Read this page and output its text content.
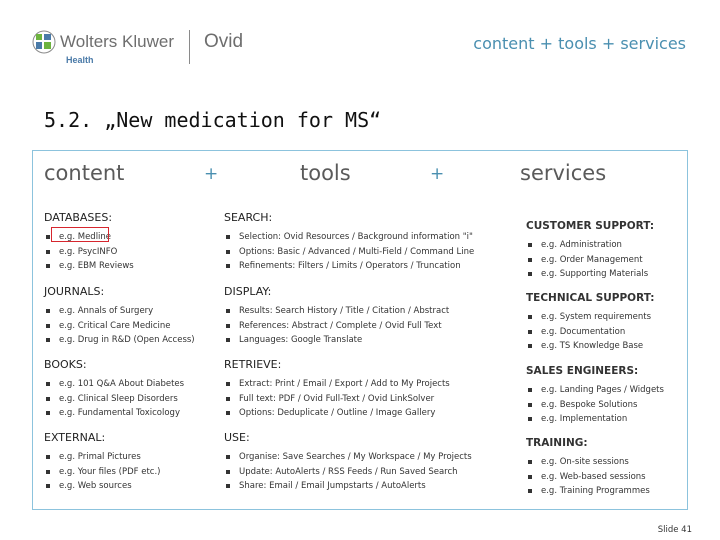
Wolters Kluwer
Health
Ovid	content + tools + services
5.2. „New medication for MS“
content	+	tools	+	services
DATABASES:
e.g. Medline
e.g. PsycINFO
e.g. EBM Reviews
JOURNALS:
e.g. Annals of Surgery
e.g. Critical Care Medicine
e.g. Drug in R&D (Open Access)
BOOKS:
e.g. 101 Q&A About Diabetes
e.g. Clinical Sleep Disorders
e.g. Fundamental Toxicology
EXTERNAL:
e.g. Primal Pictures
e.g. Your files (PDF etc.)
e.g. Web sources
SEARCH:
Selection: Ovid Resources / Background information "i"
Options: Basic / Advanced / Multi-Field / Command Line
Refinements: Filters / Limits / Operators / Truncation
DISPLAY:
Results: Search History / Title / Citation / Abstract
References: Abstract / Complete / Ovid Full Text
Languages: Google Translate
RETRIEVE:
Extract: Print / Email / Export / Add to My Projects
Full text: PDF / Ovid Full-Text / Ovid LinkSolver
Options: Deduplicate / Outline / Image Gallery
USE:
Organise: Save Searches / My Workspace / My Projects
Update: AutoAlerts / RSS Feeds / Run Saved Search
Share: Email / Email Jumpstarts / AutoAlerts
CUSTOMER SUPPORT:
e.g. Administration
e.g. Order Management
e.g. Supporting Materials
TECHNICAL SUPPORT:
e.g. System requirements
e.g. Documentation
e.g. TS Knowledge Base
SALES ENGINEERS:
e.g. Landing Pages / Widgets
e.g. Bespoke Solutions
e.g. Implementation
TRAINING:
e.g. On-site sessions
e.g. Web-based sessions
e.g. Training Programmes
Slide 41
